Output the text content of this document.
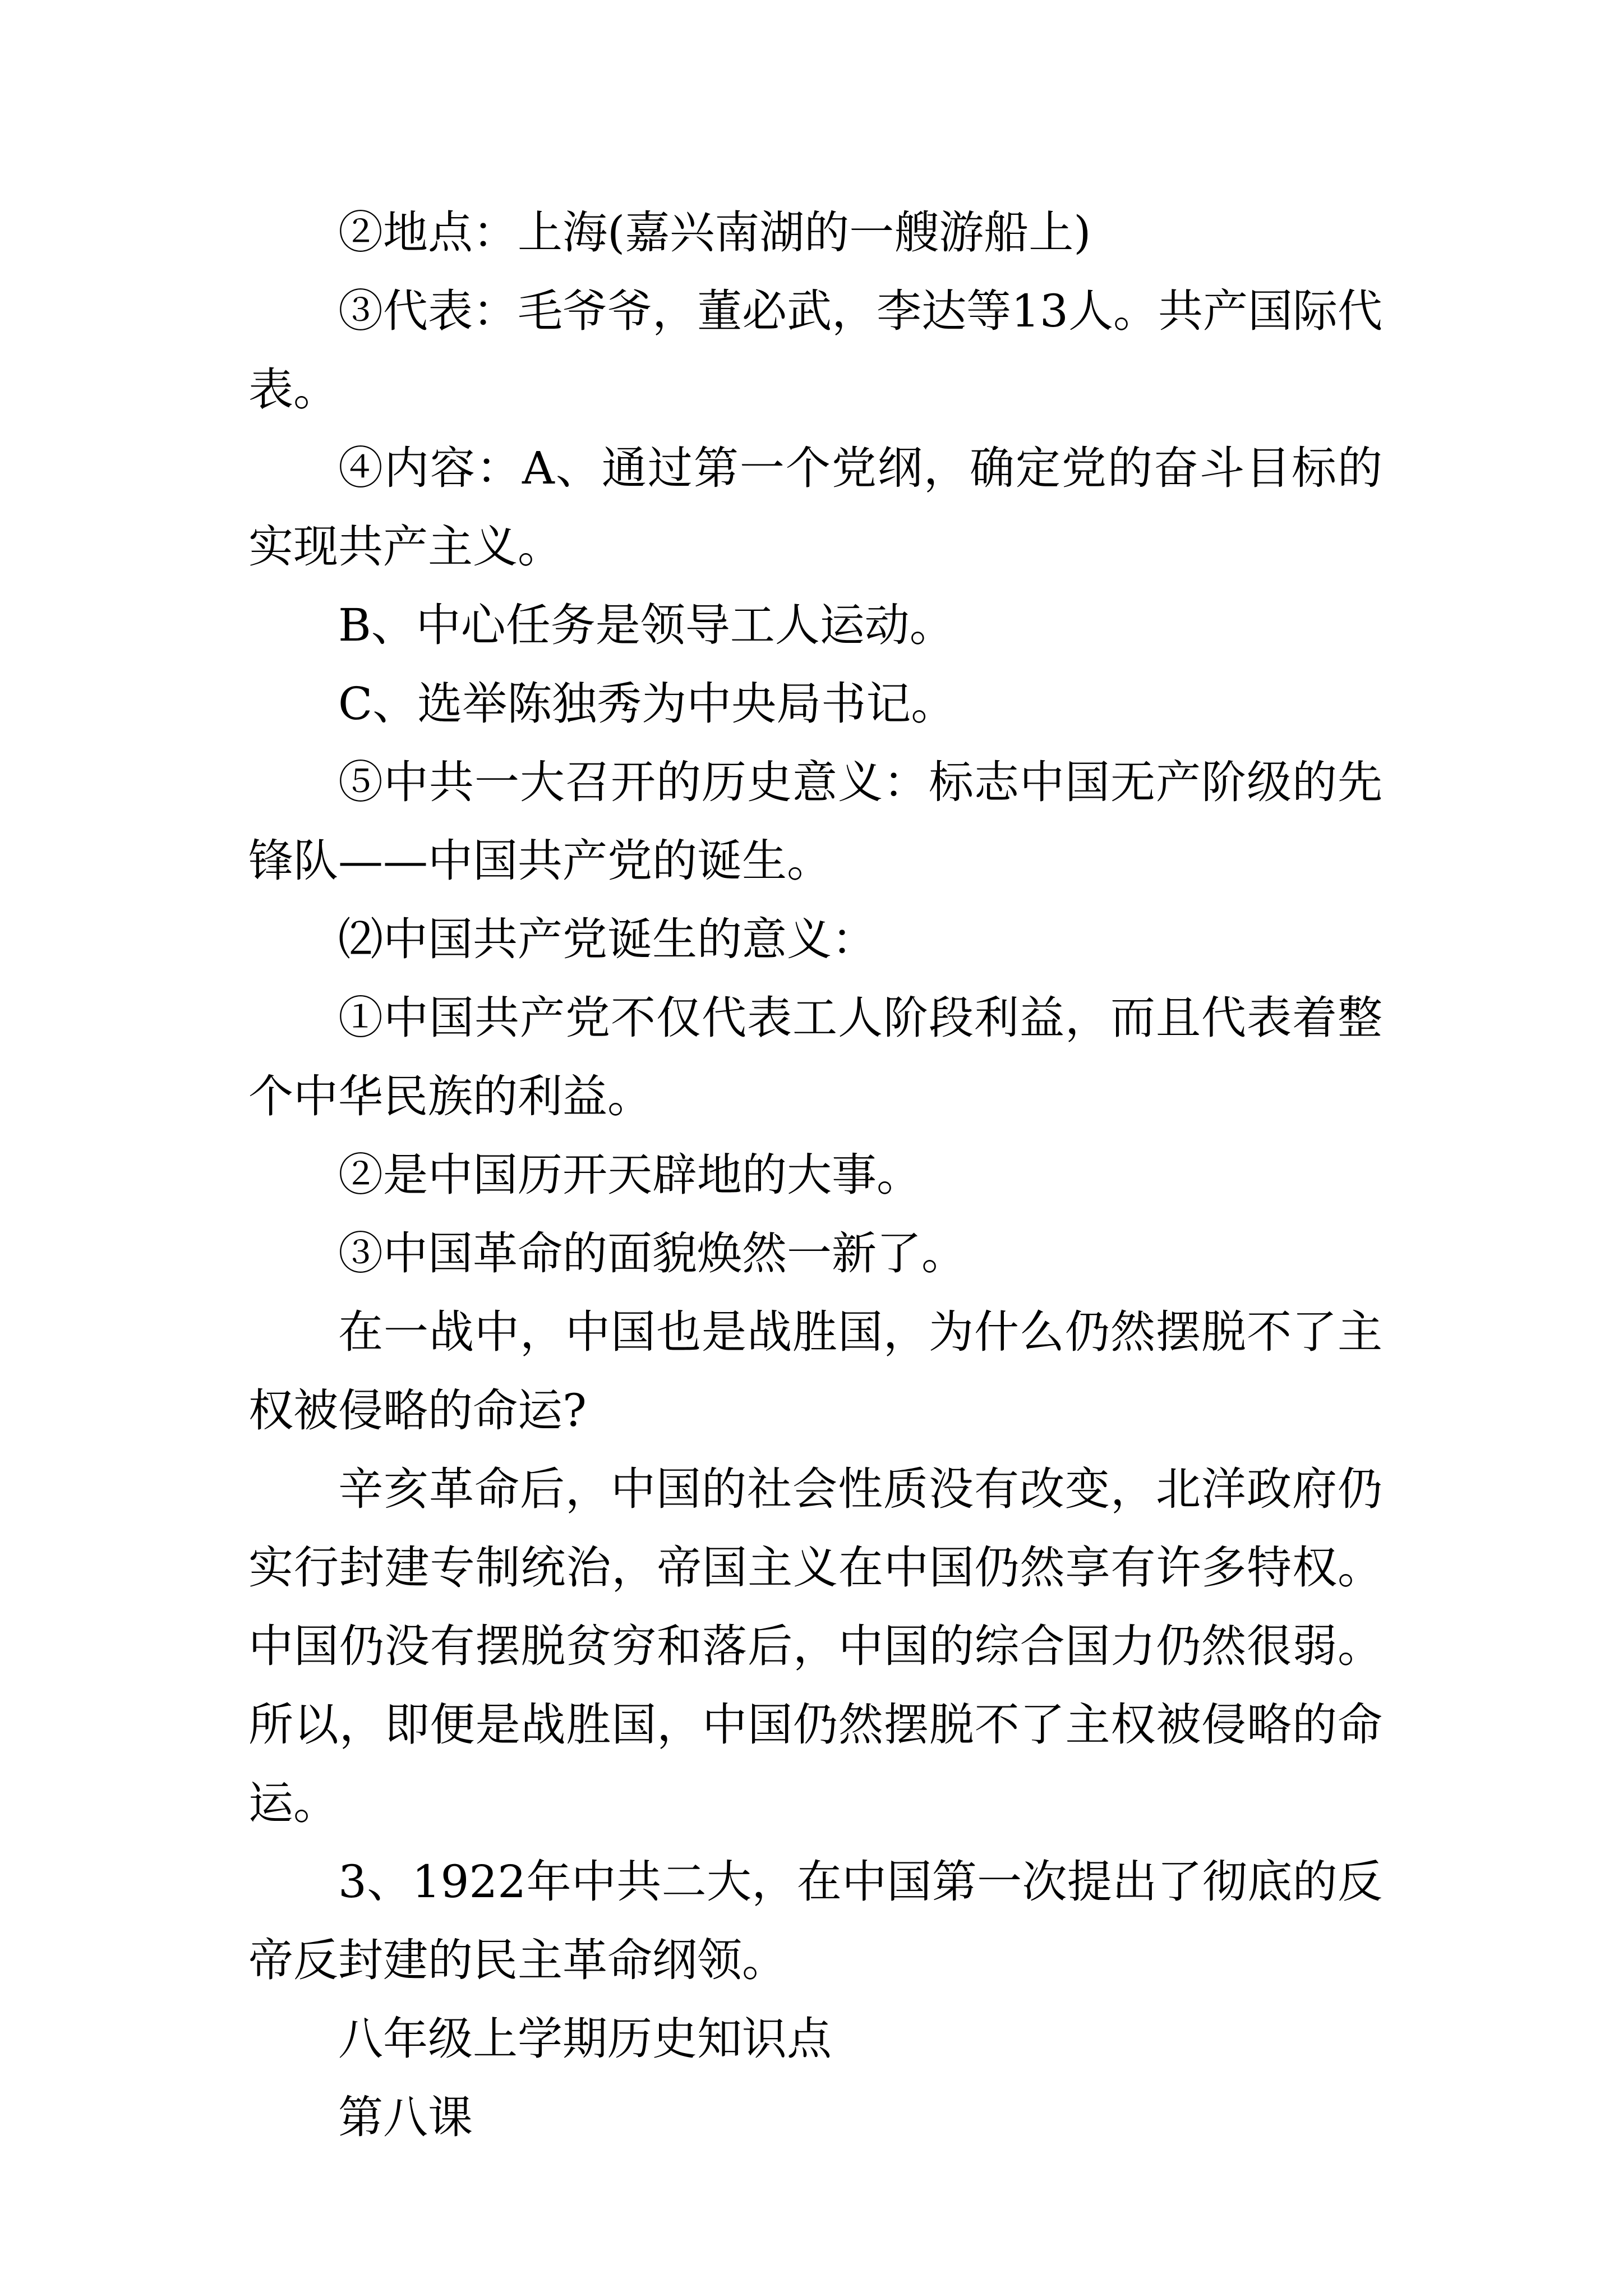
②地点：上海(嘉兴南湖的一艘游船上)

③代表：毛爷爷，董必武，李达等13人。共产国际代表。

④内容：A、通过第一个党纲，确定党的奋斗目标的实现共产主义。

B、中心任务是领导工人运动。

C、选举陈独秀为中央局书记。

⑤中共一大召开的历史意义：标志中国无产阶级的先锋队——中国共产党的诞生。

⑵中国共产党诞生的意义：

①中国共产党不仅代表工人阶段利益，而且代表着整个中华民族的利益。

②是中国历开天辟地的大事。

③中国革命的面貌焕然一新了。

在一战中，中国也是战胜国，为什么仍然摆脱不了主权被侵略的命运?

辛亥革命后，中国的社会性质没有改变，北洋政府仍实行封建专制统治，帝国主义在中国仍然享有许多特权。中国仍没有摆脱贫穷和落后，中国的综合国力仍然很弱。所以，即便是战胜国，中国仍然摆脱不了主权被侵略的命运。

3、1922年中共二大，在中国第一次提出了彻底的反帝反封建的民主革命纲领。

八年级上学期历史知识点

第八课
